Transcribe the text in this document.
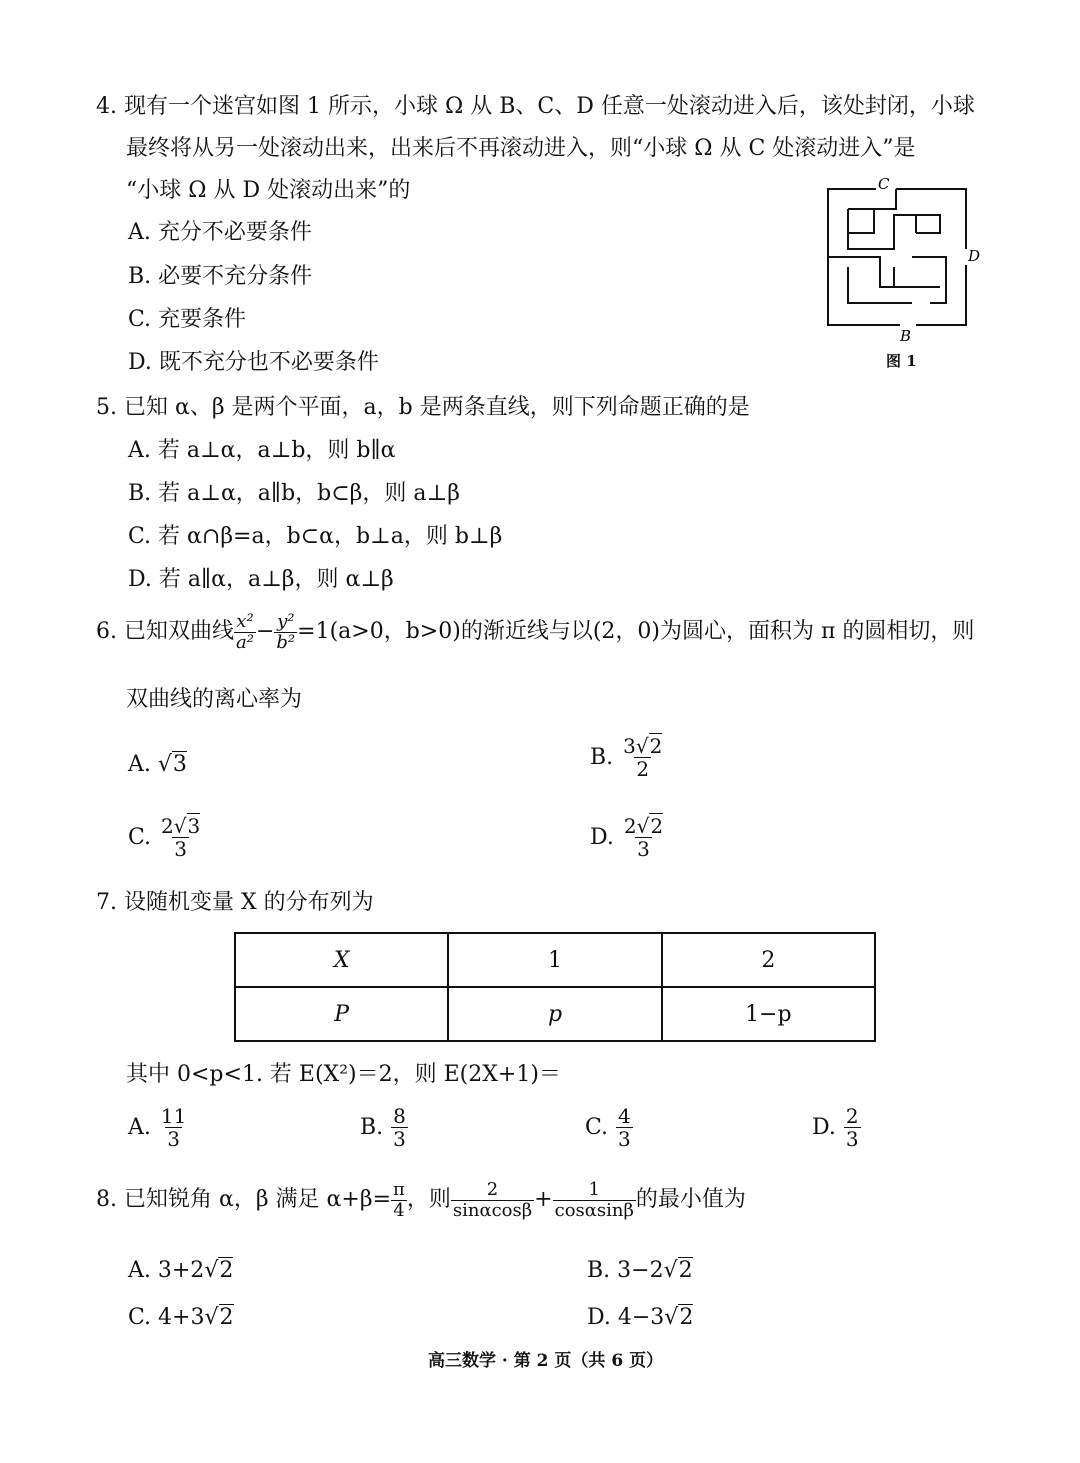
4. 现有一个迷宫如图 1 所示，小球 Ω 从 B、C、D 任意一处滚动进入后，该处封闭，小球
最终将从另一处滚动出来，出来后不再滚动进入，则“小球 Ω 从 C 处滚动进入”是
“小球 Ω 从 D 处滚动出来”的
A. 充分不必要条件
B. 必要不充分条件
C. 充要条件
D. 既不充分也不必要条件
C
D
B
图 1
5. 已知 α、β 是两个平面，a，b 是两条直线，则下列命题正确的是
A. 若 a⊥α，a⊥b，则 b∥α
B. 若 a⊥α，a∥b，b⊂β，则 a⊥β
C. 若 α∩β=a，b⊂α，b⊥a，则 b⊥β
D. 若 a∥α，a⊥β，则 α⊥β
6.
已知双曲线 $\frac{\text{x²}}{\text{a²}} - \frac{\text{y²}}{\text{b²}} =1(a>0$，b>0)的渐近线与以(2，0)为圆心，面积为 π 的圆相切，则
双曲线的离心率为
A. √3	B. $\frac{3√2}{2}$
C. $\frac{2√3}{3}$	D. $\frac{2√2}{3}$
7. 设随机变量 X 的分布列为
X	1	2
P	p	1−p
其中 0<p<1. 若 E(X²)＝2，则 E(2X+1)＝
A. $\frac{11}{3}$	B. $\frac{8}{3}$	C. $\frac{4}{3}$	D. $\frac{2}{3}$
8.
已知锐角 α，β 满足 $\alpha+\beta= \frac{\pi}{4}$ ，则 $\frac{2}{\sin\alpha\cos\beta} + \frac{1}{\cos\alpha\sin\beta}$ 的最小值为
A. 3+2√2	B. 3−2√2
C. 4+3√2	D. 4−3√2
高三数学 · 第 2 页（共 6 页）
